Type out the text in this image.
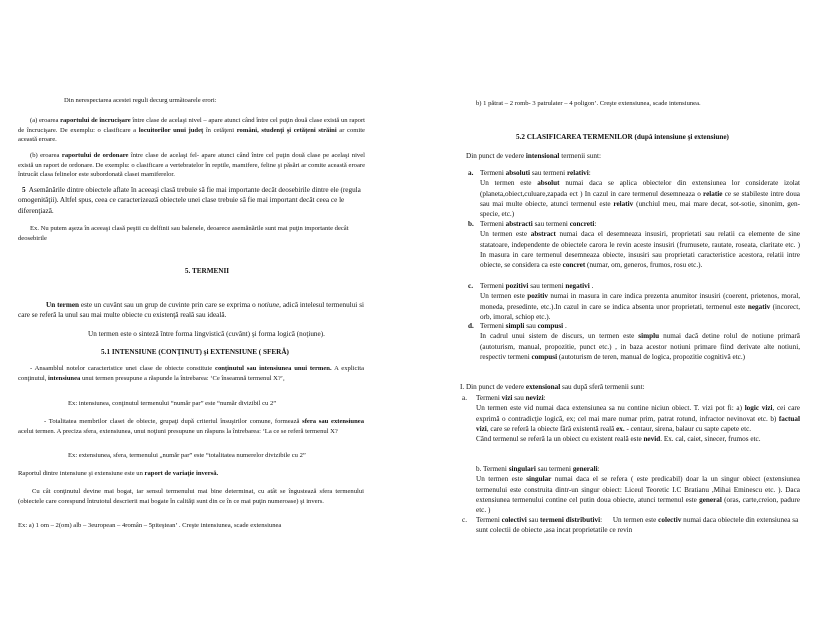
Din nerespectarea acestei reguli decurg urmãtoarele erori:

(a) eroarea raportului de încrucişare între clase de acelaşi nivel – apare atunci când între cel puţin două clase există un raport de încrucişare. De exemplu: o clasificare a locuitorilor unui judeţ în cetăţeni români, studenţi şi cetăţeni străini ar comite această eroare.

(b) eroarea raportului de ordonare între clase de acelaşi fel- apare atunci când între cel puţin două clase pe acelaşi nivel există un raport de ordonare. De exemplu: o clasificare a vertebratelor în reptile, mamifere, feline şi păsări ar comite această eroare întrucât clasa felinelor este subordonată clasei mamiferelor.

5 Asemănările dintre obiectele aflate în aceeaşi clasă trebuie să fie mai importante decât deosebirile dintre ele (regula omogenităţii). Altfel spus, ceea ce caracterizează obiectele unei clase trebuie să fie mai important decât ceea ce le diferenţiază.

Ex. Nu putem aşeza în aceeaşi clasă peştii cu delfinii sau balenele, deoarece asemănările sunt mai puţin importante decât deosebirile

5. TERMENII

Un termen este un cuvânt sau un grup de cuvinte prin care se exprima o notiune, adică intelesul termenului si care se referă la unul sau mai multe obiecte cu existenţă reală sau ideală.

Un termen este o sinteză între forma lingvistică (cuvânt) şi forma logică (noţiune).

5.1 INTENSIUNE (CONŢINUT) şi EXTENSIUNE ( SFERĂ)

- Ansamblul notelor caracteristice unei clase de obiecte constituie conţinutul sau intensiunea unui termen. A explicita conţinutul, intensiunea unui termen presupune a răspunde la întrebarea: ‘Ce înseamnă termenul X?’,

Ex: intensiunea, conţinutul termenului “număr par” este “număr divizibil cu 2”

- Totalitatea membrilor clasei de obiecte, grupaţi după criteriul însuşirilor comune, formează sfera sau extensiunea acelui termen. A preciza sfera, extensiunea, unui noţiuni presupune un răspuns la întrebarea: ‘La ce se referă termenul X?

Ex: extensiunea, sfera, termenului „număr par” este “totalitatea numerelor divizibile cu 2”

Raportul dintre intensiune şi extensiune este un raport de variaţie inversă.

Cu cât conţinutul devine mai bogat, iar sensul termenului mai bine determinat, cu atât se îngustează sfera termenului (obiectele care corespund întrutotul descrierii mai bogate în calităţi sunt din ce în ce mai puţin numeroase) şi invers.

Ex: a) 1 om – 2(om) alb – 3european – 4român – 5piteştean’ . Creşte intensiunea, scade extensiunea

b) 1 pătrat – 2 romb- 3 patrulater – 4 poligon’. Creşte extensiunea, scade intensiunea.

5.2 CLASIFICAREA TERMENILOR (după intensiune şi extensiune)

Din punct de vedere intensional termenii sunt:

a. Termeni absoluti sau termeni relativi:

Un termen este absolut numai daca se aplica obiectelor din extensiunea lor considerate izolat (planeta,obiect,culuare,zapada ect ) In cazul in care termenul desemneaza o relatie ce se stabileste intre doua sau mai multe obiecte, atunci termenul este relativ (unchiul meu, mai mare decat, sot-sotie, sinonim, gen-specie, etc.)

b. Termeni abstracti sau termeni concreti:

Un termen este abstract numai daca el desemneaza insusiri, proprietati sau relatii ca elemente de sine statatoare, independente de obiectele carora le revin aceste insusiri (frumusete, rautate, roseata, claritate etc. ) In masura in care termenul desemneaza obiecte, insusiri sau proprietati caracteristice acestora, relatii intre obiecte, se considera ca este concret (numar, om, generos, frumos, rosu etc.).

c. Termeni pozitivi sau termeni negativi .

Un termen este pozitiv numai in masura in care indica prezenta anumitor insusiri (coerent, prietenos, moral, moneda, presedinte, etc.).In cazul in care se indica absenta unor proprietati, termenul este negativ (incorect, orb, imoral, schiop etc.).

d. Termeni simpli sau compusi .

In cadrul unui sistem de discurs, un termen este simplu numai dacă detine rolul de notiune primară (autoturism, manual, propozitie, punct etc.) , in baza acestor notiuni primare fiind derivate alte notiuni, respectiv termeni compusi (autoturism de teren, manual de logica, propozitie cognitivă etc.)

I. Din punct de vedere extensional sau după sferă termenii sunt:

a.	Termeni vizi sau nevizi:

Un termen este vid numai daca extensiunea sa nu contine niciun obiect. T. vizi pot fi: a) logic vizi, cei care exprimă o contradicţie logică, ex; cel mai mare numar prim, patrat rotund, infractor nevinovat etc. b) factual vizi, care se referă la obiecte fără existentă reală ex. - centaur, sirena, balaur cu sapte capete etc.

Când termenul se referă la un obiect cu existent reală este nevid. Ex. cal, caiet, sinecer, frumos etc.

b. Termeni singulari sau termeni generali:

Un termen este singular numai daca el se refera ( este predicabil) doar la un singur obiect (extensiunea termenului este construita dintr-un singur obiect: Liceul Teoretic I.C Bratianu ,Mihai Eminescu etc. ). Daca extensiunea termenului contine cel putin doua obiecte, atunci termenul este general (oras, carte,creion, padure etc. )

c.	Termeni colectivi sau termeni distributivi: Un termen este colectiv numai daca obiectele din extensiunea sa sunt colectii de obiecte ,asa incat proprietatile ce revin
